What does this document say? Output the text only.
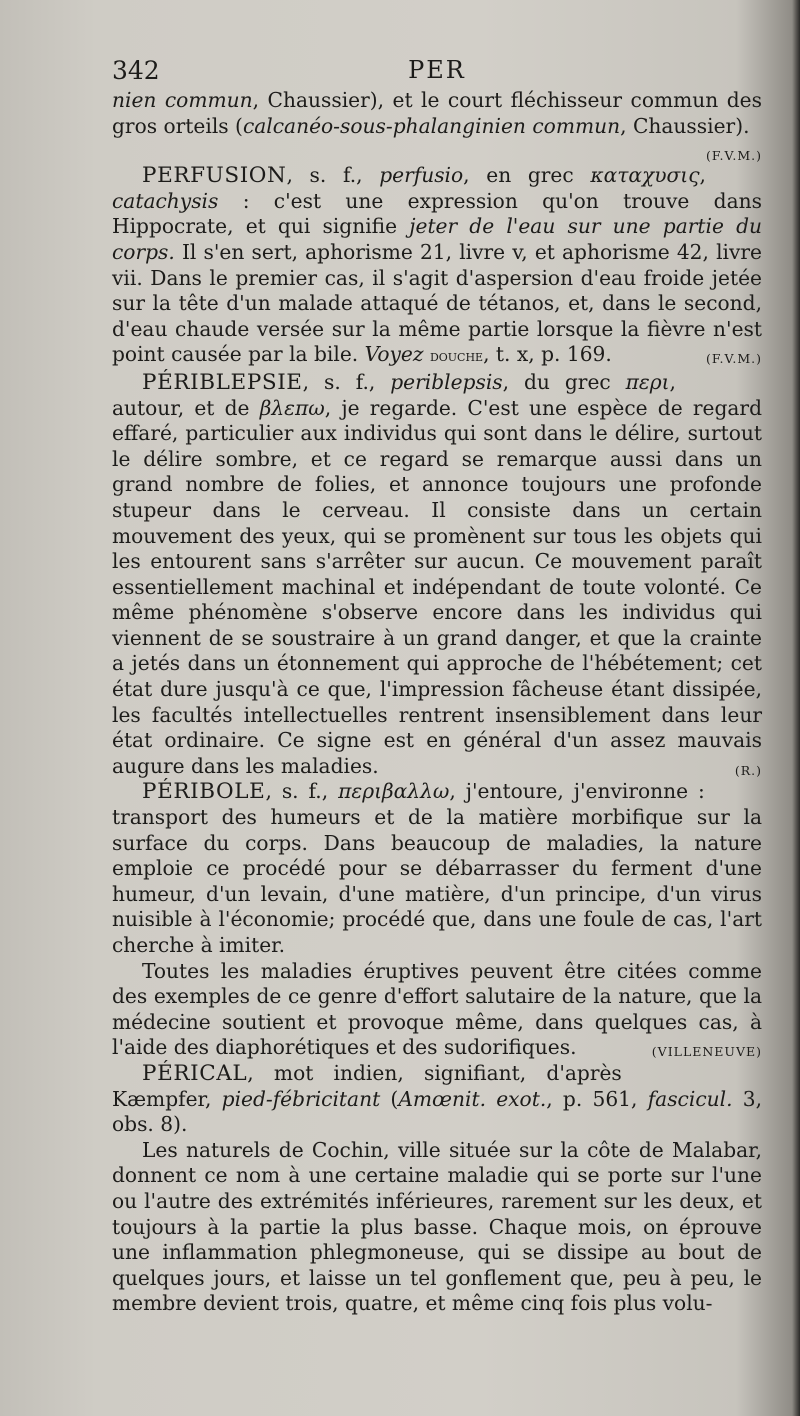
342	PER

nien commun, Chaussier), et le court fléchisseur commun des gros orteils (calcanéo-sous-phalanginien commun, Chaussier).

(F.V.M.)

PERFUSION, s. f., perfusio, en grec καταχυσις, catachysis : c'est une expression qu'on trouve dans Hippocrate, et qui signifie jeter de l'eau sur une partie du corps. Il s'en sert, aphorisme 21, livre v, et aphorisme 42, livre vii. Dans le premier cas, il s'agit d'aspersion d'eau froide jetée sur la tête d'un malade attaqué de tétanos, et, dans le second, d'eau chaude versée sur la même partie lorsque la fièvre n'est point causée par la bile. Voyez douche, t. x, p. 169.	(F.V.M.)

PÉRIBLEPSIE, s. f., periblepsis, du grec περι, autour, et de βλεπω, je regarde. C'est une espèce de regard effaré, particulier aux individus qui sont dans le délire, surtout le délire sombre, et ce regard se remarque aussi dans un grand nombre de folies, et annonce toujours une profonde stupeur dans le cerveau. Il consiste dans un certain mouvement des yeux, qui se promènent sur tous les objets qui les entourent sans s'arrêter sur aucun. Ce mouvement paraît essentiellement machinal et indépendant de toute volonté. Ce même phénomène s'observe encore dans les individus qui viennent de se soustraire à un grand danger, et que la crainte a jetés dans un étonnement qui approche de l'hébétement; cet état dure jusqu'à ce que, l'impression fâcheuse étant dissipée, les facultés intellectuelles rentrent insensiblement dans leur état ordinaire. Ce signe est en général d'un assez mauvais augure dans les maladies.	(R.)

PÉRIBOLE, s. f., περιβαλλω, j'entoure, j'environne : transport des humeurs et de la matière morbifique sur la surface du corps. Dans beaucoup de maladies, la nature emploie ce procédé pour se débarrasser du ferment d'une humeur, d'un levain, d'une matière, d'un principe, d'un virus nuisible à l'économie; procédé que, dans une foule de cas, l'art cherche à imiter.

Toutes les maladies éruptives peuvent être citées comme des exemples de ce genre d'effort salutaire de la nature, que la médecine soutient et provoque même, dans quelques cas, à l'aide des diaphorétiques et des sudorifiques.	(VILLENEUVE)

PÉRICAL, mot indien, signifiant, d'après Kæmpfer, pied-fébricitant (Amœnit. exot., p. 561, fascicul. 3, obs. 8).

Les naturels de Cochin, ville située sur la côte de Malabar, donnent ce nom à une certaine maladie qui se porte sur l'une ou l'autre des extrémités inférieures, rarement sur les deux, et toujours à la partie la plus basse. Chaque mois, on éprouve une inflammation phlegmoneuse, qui se dissipe au bout de quelques jours, et laisse un tel gonflement que, peu à peu, le membre devient trois, quatre, et même cinq fois plus volu-
